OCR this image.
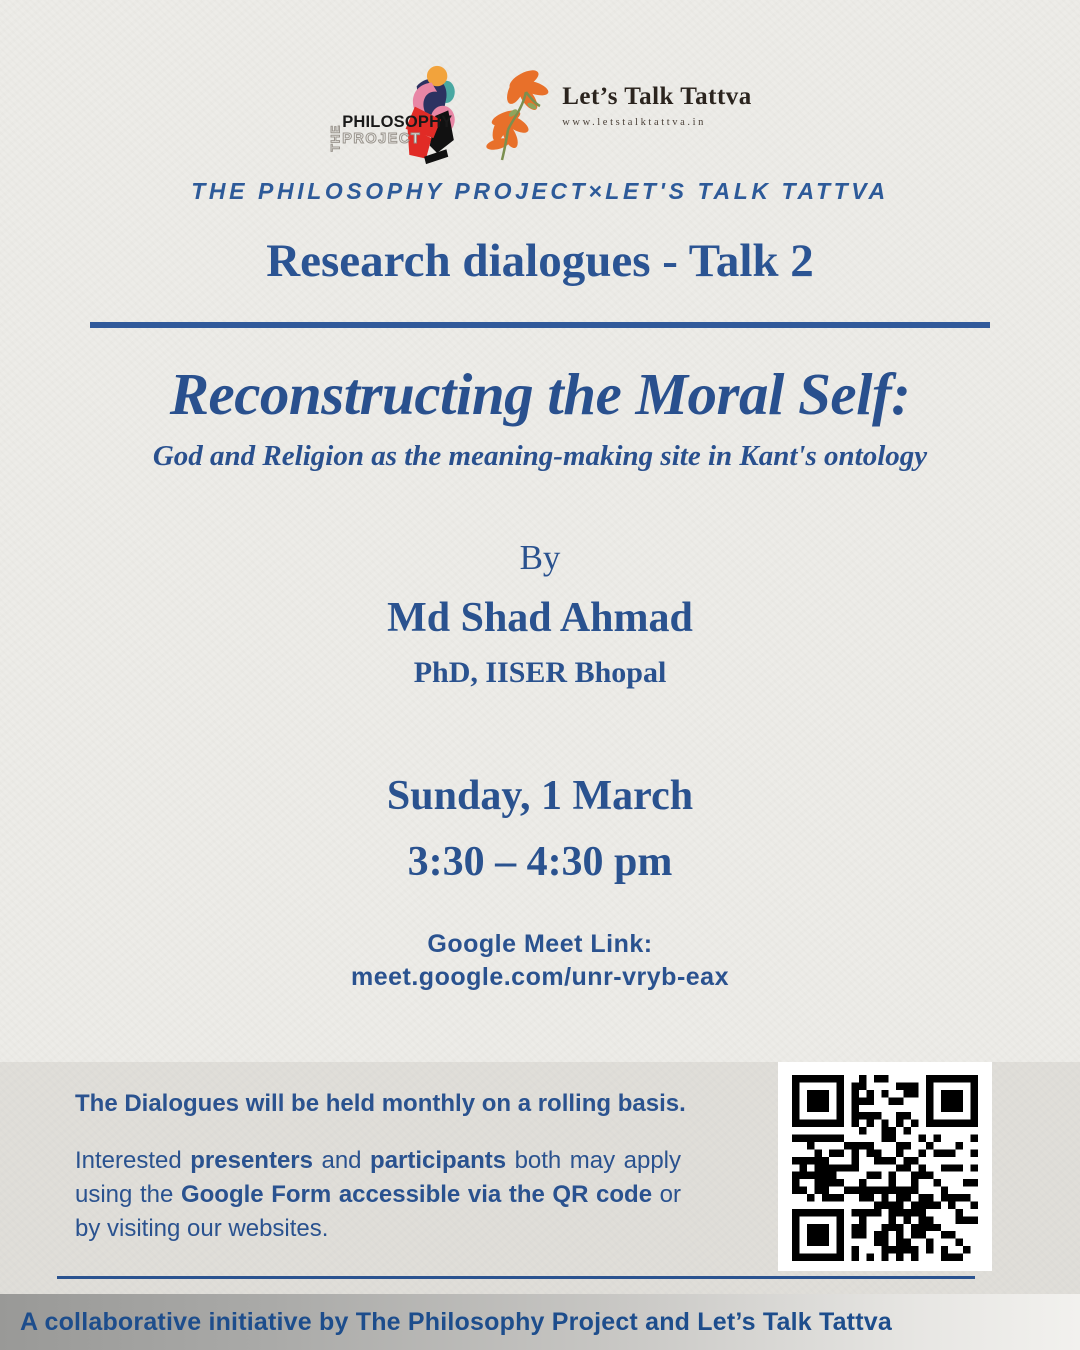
THE
PHILOSOPHY
PROJECT
Let’s Talk Tattva
www.letstalktattva.in
THE PHILOSOPHY PROJECT×LET'S TALK TATTVA
Research dialogues - Talk 2
Reconstructing the Moral Self:
God and Religion as the meaning-making site in Kant's ontology
By
Md Shad Ahmad
PhD, IISER Bhopal
Sunday, 1 March
3:30 – 4:30 pm
Google Meet Link:
meet.google.com/unr-vryb-eax
The Dialogues will be held monthly on a rolling basis.
Interested presenters and participants both may apply using the Google Form accessible via the QR code or by visiting our websites.
A collaborative initiative by The Philosophy Project and Let’s Talk Tattva
